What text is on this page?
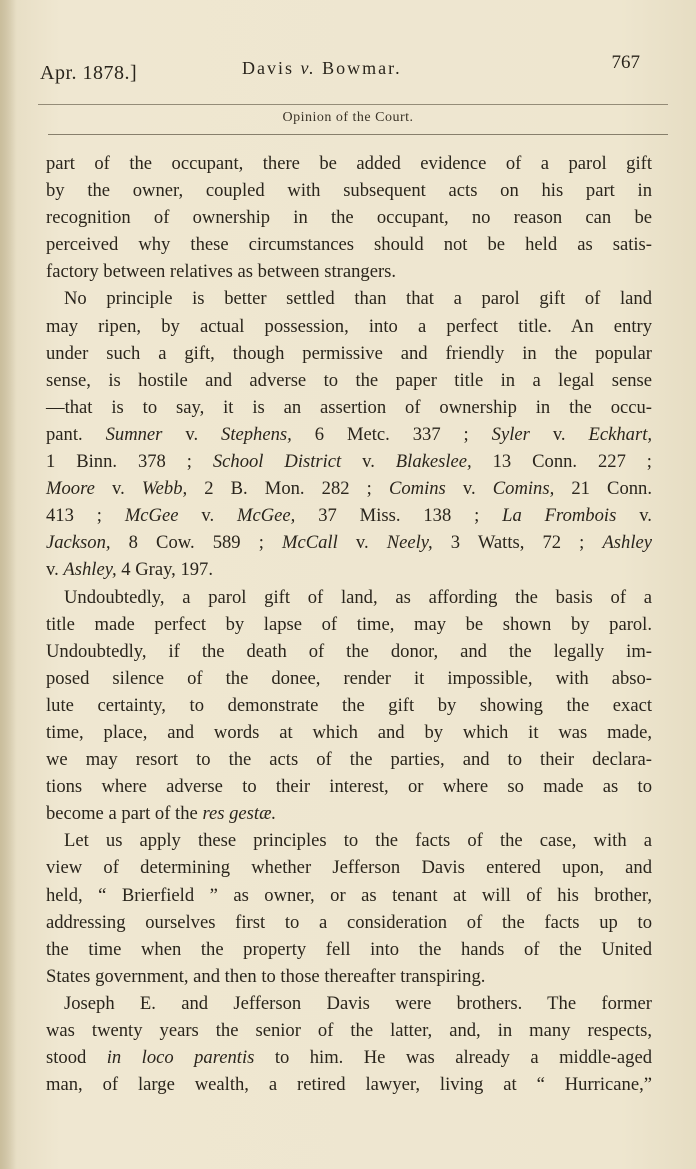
Apr. 1878.]	Davis v. Bowmar.	767
Opinion of the Court.
part of the occupant, there be added evidence of a parol gift
by the owner, coupled with subsequent acts on his part in
recognition of ownership in the occupant, no reason can be
perceived why these circumstances should not be held as satis-
factory between relatives as between strangers.
No principle is better settled than that a parol gift of land
may ripen, by actual possession, into a perfect title. An entry
under such a gift, though permissive and friendly in the popular
sense, is hostile and adverse to the paper title in a legal sense
—that is to say, it is an assertion of ownership in the occu-
pant. Sumner v. Stephens, 6 Metc. 337 ; Syler v. Eckhart,
1 Binn. 378 ; School District v. Blakeslee, 13 Conn. 227 ;
Moore v. Webb, 2 B. Mon. 282 ; Comins v. Comins, 21 Conn.
413 ; McGee v. McGee, 37 Miss. 138 ; La Frombois v.
Jackson, 8 Cow. 589 ; McCall v. Neely, 3 Watts, 72 ; Ashley
v. Ashley, 4 Gray, 197.
Undoubtedly, a parol gift of land, as affording the basis of a
title made perfect by lapse of time, may be shown by parol.
Undoubtedly, if the death of the donor, and the legally im-
posed silence of the donee, render it impossible, with abso-
lute certainty, to demonstrate the gift by showing the exact
time, place, and words at which and by which it was made,
we may resort to the acts of the parties, and to their declara-
tions where adverse to their interest, or where so made as to
become a part of the res gestæ.
Let us apply these principles to the facts of the case, with a
view of determining whether Jefferson Davis entered upon, and
held, “ Brierfield ” as owner, or as tenant at will of his brother,
addressing ourselves first to a consideration of the facts up to
the time when the property fell into the hands of the United
States government, and then to those thereafter transpiring.
Joseph E. and Jefferson Davis were brothers. The former
was twenty years the senior of the latter, and, in many respects,
stood in loco parentis to him. He was already a middle-aged
man, of large wealth, a retired lawyer, living at “ Hurricane,”
